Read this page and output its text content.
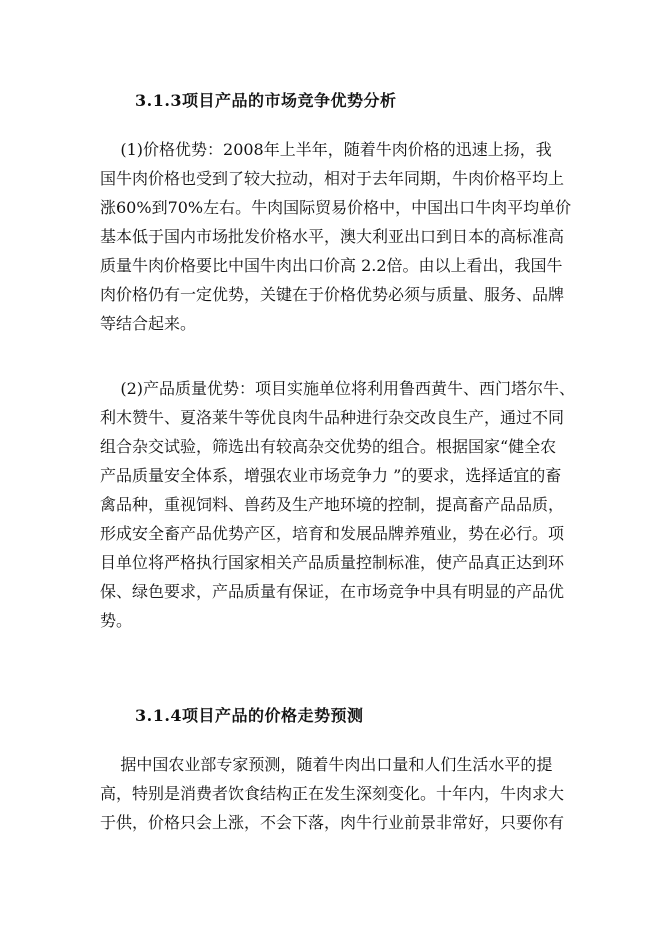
3.1.3项目产品的市场竞争优势分析

(1)价格优势：2008年上半年，随着牛肉价格的迅速上扬，我
国牛肉价格也受到了较大拉动，相对于去年同期，牛肉价格平均上
涨60%到70%左右。牛肉国际贸易价格中，中国出口牛肉平均单价
基本低于国内市场批发价格水平，澳大利亚出口到日本的高标准高
质量牛肉价格要比中国牛肉出口价高 2.2倍。由以上看出，我国牛
肉价格仍有一定优势，关键在于价格优势必须与质量、服务、品牌
等结合起来。

(2)产品质量优势：项目实施单位将利用鲁西黄牛、西门塔尔牛、
利木赞牛、夏洛莱牛等优良肉牛品种进行杂交改良生产，通过不同
组合杂交试验，筛选出有较高杂交优势的组合。根据国家“健全农
产品质量安全体系，增强农业市场竞争力 ”的要求，选择适宜的畜
禽品种，重视饲料、兽药及生产地环境的控制，提高畜产品品质，
形成安全畜产品优势产区，培育和发展品牌养殖业，势在必行。项
目单位将严格执行国家相关产品质量控制标准，使产品真正达到环
保、绿色要求，产品质量有保证，在市场竞争中具有明显的产品优
势。

3.1.4项目产品的价格走势预测

据中国农业部专家预测，随着牛肉出口量和人们生活水平的提
高，特别是消费者饮食结构正在发生深刻变化。十年内，牛肉求大
于供，价格只会上涨，不会下落，肉牛行业前景非常好，只要你有
